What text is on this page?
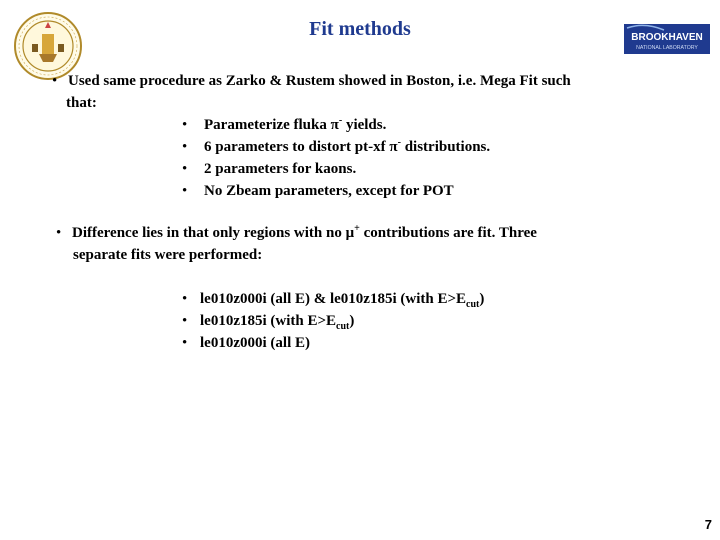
Fit methods	BROOKHAVEN
NATIONAL LABORATORY
• Used same procedure as Zarko & Rustem showed in Boston, i.e. Mega Fit such
that:
• Parameterize fluka π- yields.
• 6 parameters to distort pt-xf π- distributions.
• 2 parameters for kaons.
• No Zbeam parameters, except for POT
• Difference lies in that only regions with no μ+ contributions are fit. Three
separate fits were performed:
• le010z000i (all E) & le010z185i (with $E>E_{cut}$)
• le010z185i (with $E>E_{cut}$)
• le010z000i (all E)
7
